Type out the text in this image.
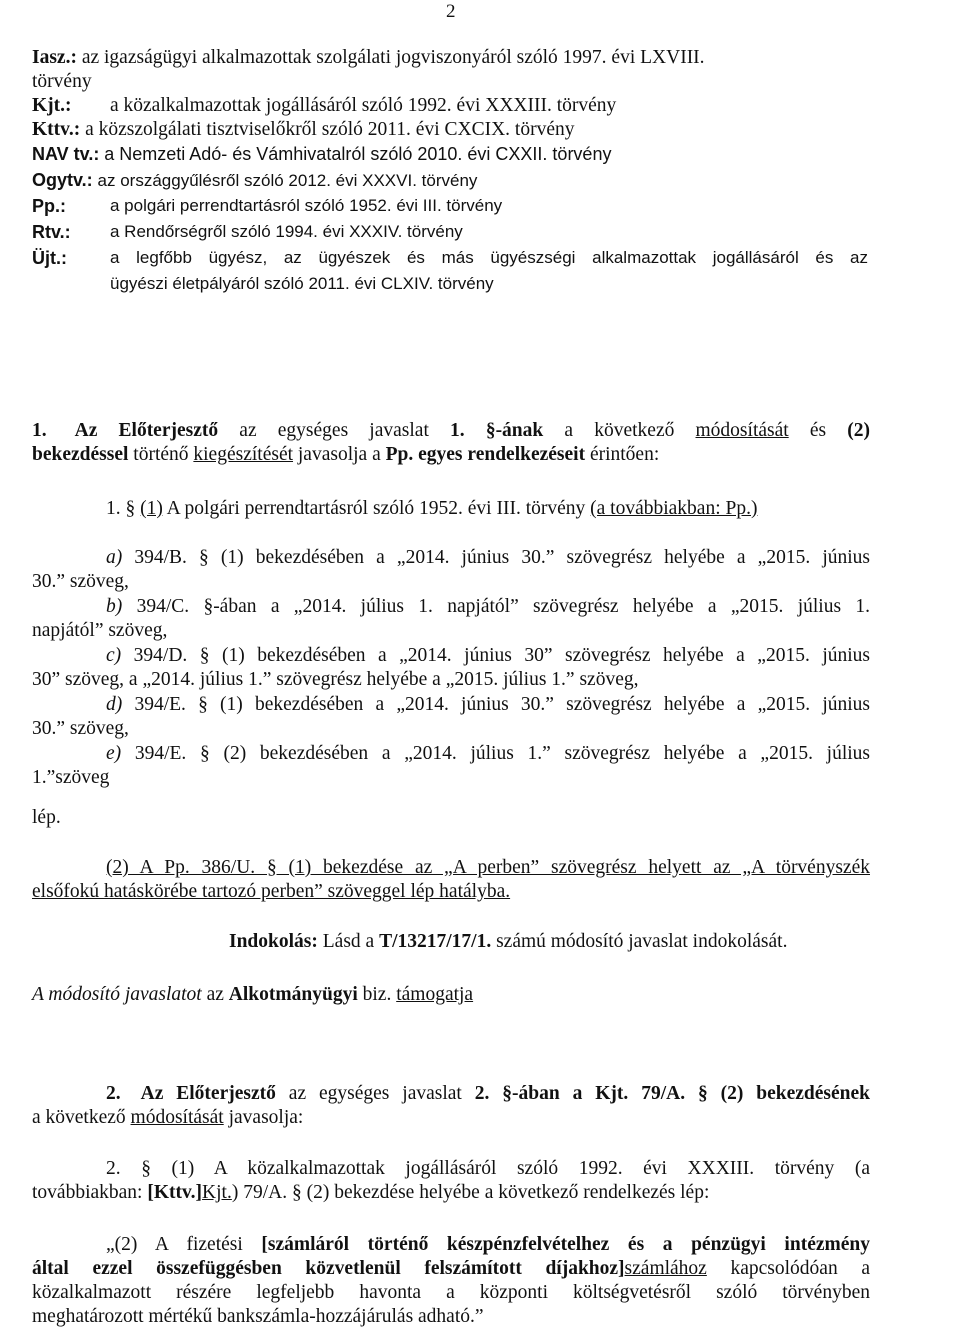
2
Iasz.: az igazságügyi alkalmazottak szolgálati jogviszonyáról szóló 1997. évi LXVIII.
törvény
Kjt.: a közalkalmazottak jogállásáról szóló 1992. évi XXXIII. törvény
Kttv.: a közszolgálati tisztviselőkről szóló 2011. évi CXCIX. törvény
NAV tv.: a Nemzeti Adó- és Vámhivatalról szóló 2010. évi CXXII. törvény
Ogytv.: az országgyűlésről szóló 2012. évi XXXVI. törvény
Pp.:	a polgári perrendtartásról szóló 1952. évi III. törvény
Rtv.: a Rendőrségről szóló 1994. évi XXXIV. törvény
Üjt.:	a legfőbb ügyész, az ügyészek és más ügyészségi alkalmazottak jogállásáról és az
ügyészi életpályáról szóló 2011. évi CLXIV. törvény
1. Az Előterjesztő az egységes javaslat 1. §-ának a következő módosítását és (2)
bekezdéssel történő kiegészítését javasolja a Pp. egyes rendelkezéseit érintően:
1. § (1) A polgári perrendtartásról szóló 1952. évi III. törvény (a továbbiakban: Pp.)
a) 394/B. § (1) bekezdésében a „2014. június 30.” szövegrész helyébe a „2015. június
30.” szöveg,
b) 394/C. §-ában a „2014. július 1. napjától” szövegrész helyébe a „2015. július 1.
napjától” szöveg,
c) 394/D. § (1) bekezdésében a „2014. június 30” szövegrész helyébe a „2015. június
30” szöveg, a „2014. július 1.” szövegrész helyébe a „2015. július 1.” szöveg,
d) 394/E. § (1) bekezdésében a „2014. június 30.” szövegrész helyébe a „2015. június
30.” szöveg,
e) 394/E. § (2) bekezdésében a „2014. július 1.” szövegrész helyébe a „2015. július
1.”szöveg
lép.
(2) A Pp. 386/U. § (1) bekezdése az „A perben” szövegrész helyett az „A törvényszék
elsőfokú hatáskörébe tartozó perben” szöveggel lép hatályba.
Indokolás: Lásd a T/13217/17/1. számú módosító javaslat indokolását.
A módosító javaslatot az Alkotmányügyi biz. támogatja
2. Az Előterjesztő az egységes javaslat 2. §-ában a Kjt. 79/A. § (2) bekezdésének
a következő módosítását javasolja:
2. § (1) A közalkalmazottak jogállásáról szóló 1992. évi XXXIII. törvény (a
továbbiakban: [Kttv.]Kjt.) 79/A. § (2) bekezdése helyébe a következő rendelkezés lép:
„(2) A fizetési [számláról történő készpénzfelvételhez és a pénzügyi intézmény
által ezzel összefüggésben közvetlenül felszámított díjakhoz]számlához kapcsolódóan a
közalkalmazott részére legfeljebb havonta a központi költségvetésről szóló törvényben
meghatározott mértékű bankszámla-hozzájárulás adható.”
